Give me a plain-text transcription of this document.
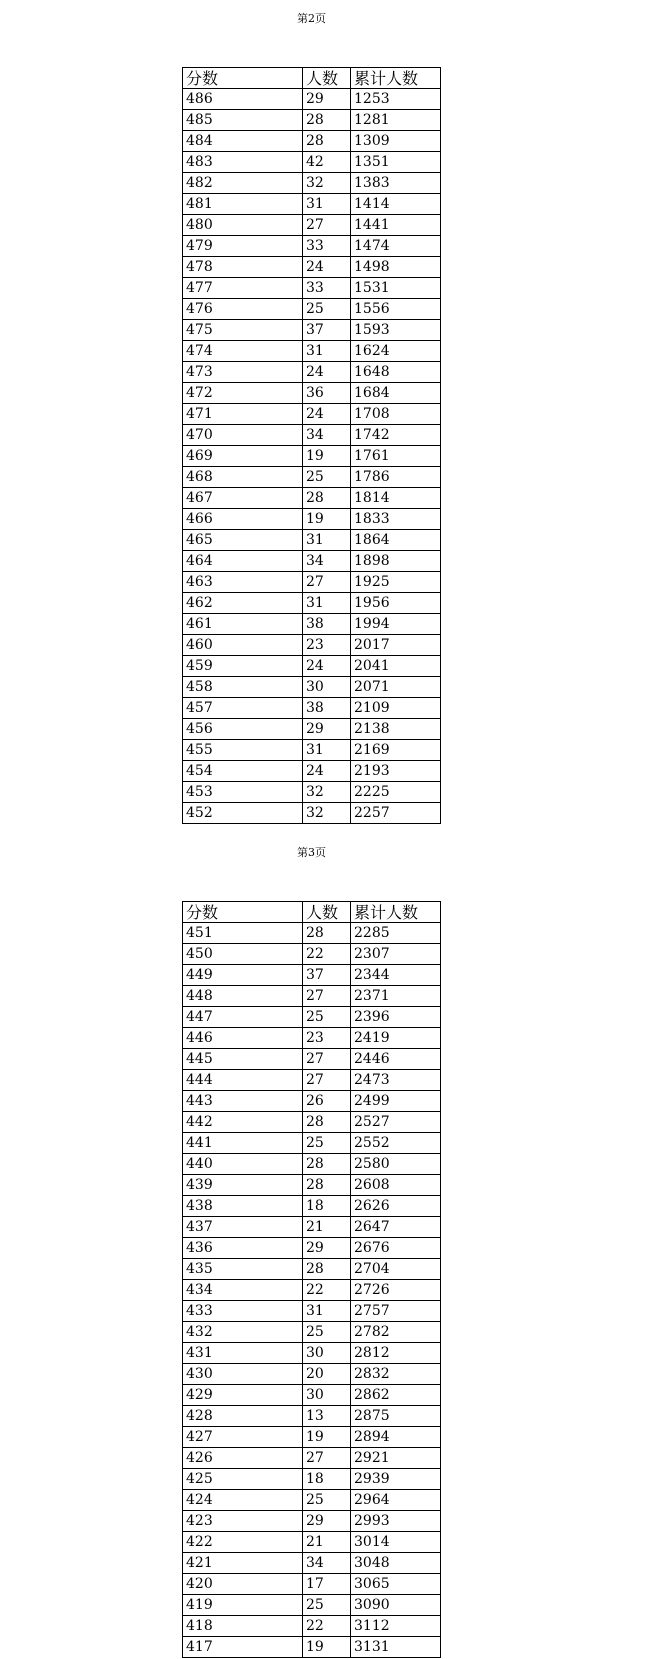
第2页
分数	人数	累计人数
486	29	1253
485	28	1281
484	28	1309
483	42	1351
482	32	1383
481	31	1414
480	27	1441
479	33	1474
478	24	1498
477	33	1531
476	25	1556
475	37	1593
474	31	1624
473	24	1648
472	36	1684
471	24	1708
470	34	1742
469	19	1761
468	25	1786
467	28	1814
466	19	1833
465	31	1864
464	34	1898
463	27	1925
462	31	1956
461	38	1994
460	23	2017
459	24	2041
458	30	2071
457	38	2109
456	29	2138
455	31	2169
454	24	2193
453	32	2225
452	32	2257
第3页
分数	人数	累计人数
451	28	2285
450	22	2307
449	37	2344
448	27	2371
447	25	2396
446	23	2419
445	27	2446
444	27	2473
443	26	2499
442	28	2527
441	25	2552
440	28	2580
439	28	2608
438	18	2626
437	21	2647
436	29	2676
435	28	2704
434	22	2726
433	31	2757
432	25	2782
431	30	2812
430	20	2832
429	30	2862
428	13	2875
427	19	2894
426	27	2921
425	18	2939
424	25	2964
423	29	2993
422	21	3014
421	34	3048
420	17	3065
419	25	3090
418	22	3112
417	19	3131
